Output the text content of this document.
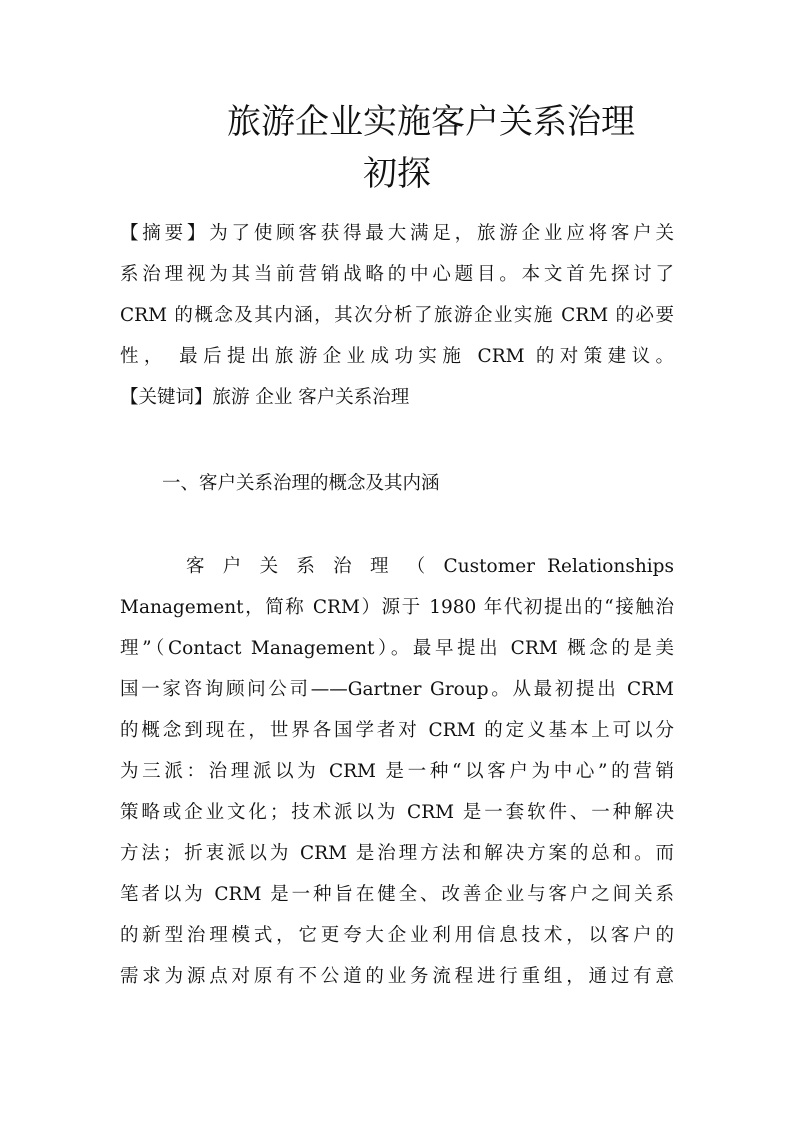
旅游企业实施客户关系治理
初探

【摘要】为了使顾客获得最大满足，旅游企业应将客户关

系治理视为其当前营销战略的中心题目。本文首先探讨了

CRM 的概念及其内涵，其次分析了旅游企业实施 CRM 的必要

性， 最后提出旅游企业成功实施 CRM 的对策建议。

【关键词】旅游 企业 客户关系治理

一、客户关系治理的概念及其内涵

客 户 关 系 治 理 （ Customer Relationships

Management，简称 CRM）源于 1980 年代初提出的“接触治

理”（Contact Management）。最早提出 CRM 概念的是美

国一家咨询顾问公司——Gartner Group。从最初提出 CRM

的概念到现在，世界各国学者对 CRM 的定义基本上可以分

为三派：治理派以为 CRM 是一种“以客户为中心”的营销

策略或企业文化；技术派以为 CRM 是一套软件、一种解决

方法；折衷派以为 CRM 是治理方法和解决方案的总和。而

笔者以为 CRM 是一种旨在健全、改善企业与客户之间关系

的新型治理模式，它更夸大企业利用信息技术，以客户的

需求为源点对原有不公道的业务流程进行重组，通过有意
